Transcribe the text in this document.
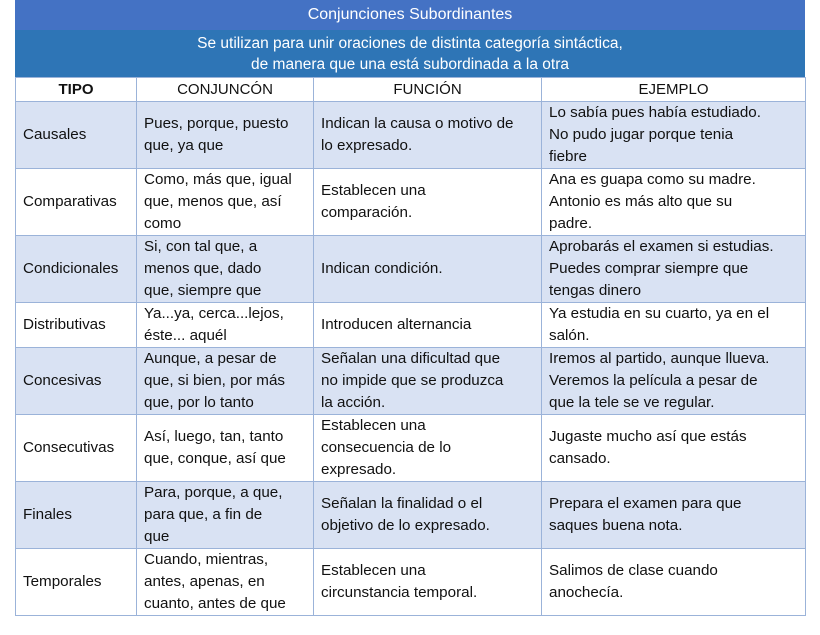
Conjunciones Subordinantes
Se utilizan para unir oraciones de distinta categoría sintáctica,
de manera que una está subordinada a la otra
TIPO	CONJUNCÓN	FUNCIÓN	EJEMPLO
Causales	Pues, porque, puesto
que, ya que	Indican la causa o motivo de
lo expresado.	Lo sabía pues había estudiado.
No pudo jugar porque tenia
fiebre

Comparativas	Como, más que, igual
que, menos que, así
como	Establecen una
comparación.	Ana es guapa como su madre.
Antonio es más alto que su
padre.

Condicionales	Si, con tal que, a
menos que, dado
que, siempre que	Indican condición.	Aprobarás el examen si estudias.
Puedes comprar siempre que
tengas dinero

Distributivas	Ya...ya, cerca...lejos,
éste... aquél	Introducen alternancia	Ya estudia en su cuarto, ya en el
salón.

Concesivas	Aunque, a pesar de
que, si bien, por más
que, por lo tanto	Señalan una dificultad que
no impide que se produzca
la acción.	Iremos al partido, aunque llueva.
Veremos la película a pesar de
que la tele se ve regular.

Consecutivas	Así, luego, tan, tanto
que, conque, así que	Establecen una
consecuencia de lo
expresado.	Jugaste mucho así que estás
cansado.

Finales	Para, porque, a que,
para que, a fin de
que	Señalan la finalidad o el
objetivo de lo expresado.	Prepara el examen para que
saques buena nota.

Temporales	Cuando, mientras,
antes, apenas, en
cuanto, antes de que	Establecen una
circunstancia temporal.	Salimos de clase cuando
anochecía.
